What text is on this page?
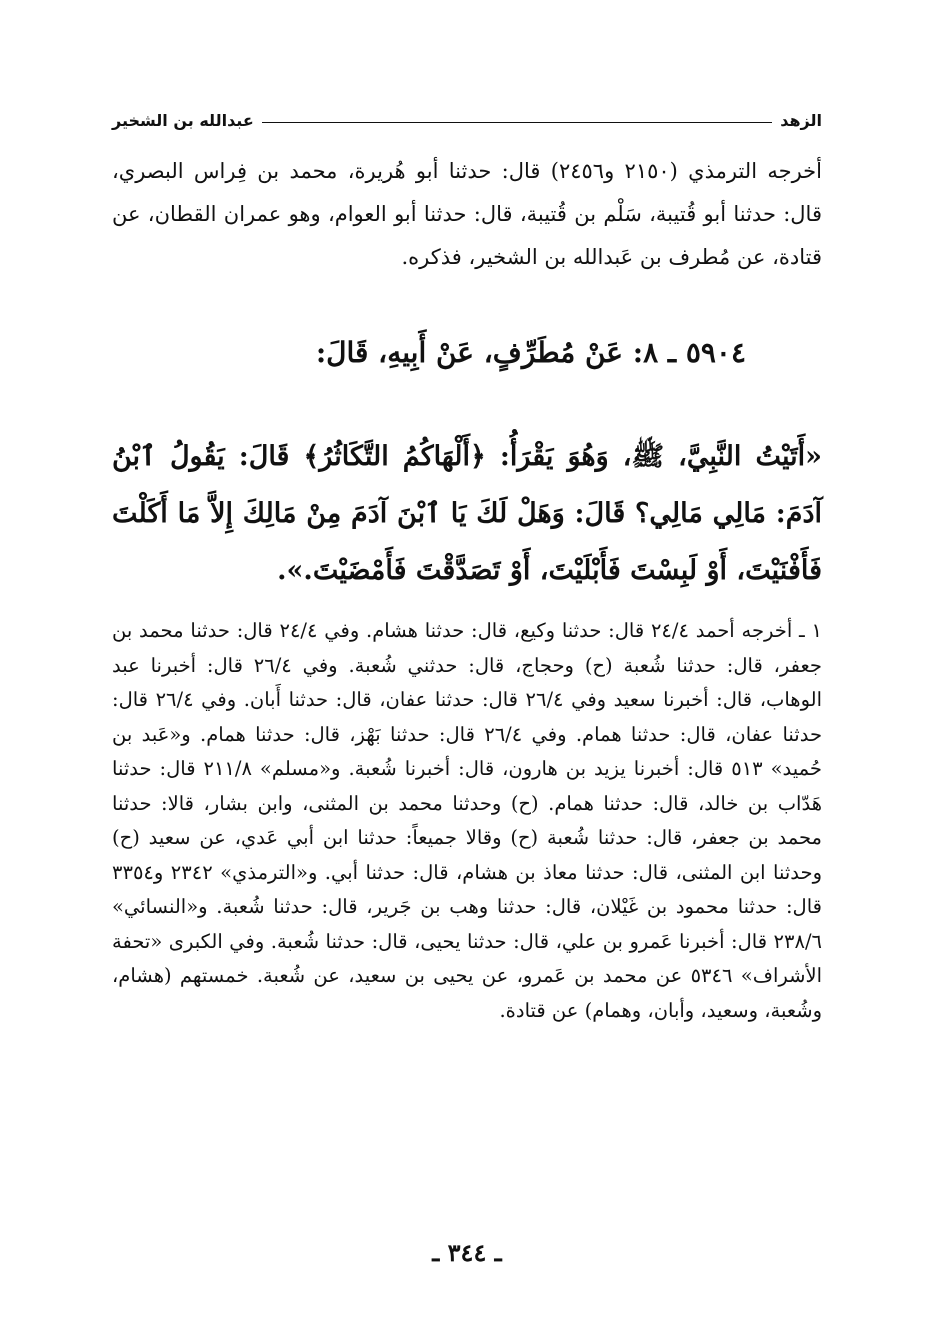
الزهد
عبدالله بن الشخير
أخرجه الترمذي (٢١٥٠ و٢٤٥٦) قال: حدثنا أبو هُريرة، محمد بن فِراس البصري، قال: حدثنا أبو قُتيبة، سَلْم بن قُتيبة، قال: حدثنا أبو العوام، وهو عمران القطان، عن قتادة، عن مُطرف بن عَبدالله بن الشخير، فذكره.
٥٩٠٤ ـ ٨: عَنْ مُطَرِّفٍ، عَنْ أَبِيهِ، قَالَ:
«أَتَيْتُ النَّبِيَّ، ﷺ، وَهُوَ يَقْرَأُ: ﴿أَلْهَاكُمُ التَّكَاثُرُ﴾ قَالَ: يَقُولُ ٱبْنُ آدَمَ: مَالِي مَالِي؟ قَالَ: وَهَلْ لَكَ يَا ٱبْنَ آدَمَ مِنْ مَالِكَ إِلاَّ مَا أَكَلْتَ فَأَفْنَيْتَ، أَوْ لَبِسْتَ فَأَبْلَيْتَ، أَوْ تَصَدَّقْتَ فَأَمْضَيْتَ.».
١ ـ أخرجه أحمد ٢٤/٤ قال: حدثنا وكيع، قال: حدثنا هشام. وفي ٢٤/٤ قال: حدثنا محمد بن جعفر، قال: حدثنا شُعبة (ح) وحجاج، قال: حدثني شُعبة. وفي ٢٦/٤ قال: أخبرنا عبد الوهاب، قال: أخبرنا سعيد وفي ٢٦/٤ قال: حدثنا عفان، قال: حدثنا أَبان. وفي ٢٦/٤ قال: حدثنا عفان، قال: حدثنا همام. وفي ٢٦/٤ قال: حدثنا بَهْز، قال: حدثنا همام. و«عَبد بن حُميد» ٥١٣ قال: أخبرنا يزيد بن هارون، قال: أخبرنا شُعبة. و«مسلم» ٢١١/٨ قال: حدثنا هَدّاب بن خالد، قال: حدثنا همام. (ح) وحدثنا محمد بن المثنى، وابن بشار، قالا: حدثنا محمد بن جعفر، قال: حدثنا شُعبة (ح) وقالا جميعاً: حدثنا ابن أبي عَدي، عن سعيد (ح) وحدثنا ابن المثنى، قال: حدثنا معاذ بن هشام، قال: حدثنا أبي. و«الترمذي» ٢٣٤٢ و٣٣٥٤ قال: حدثنا محمود بن غَيْلان، قال: حدثنا وهب بن جَرير، قال: حدثنا شُعبة. و«النسائي» ٢٣٨/٦ قال: أخبرنا عَمرو بن علي، قال: حدثنا يحيى، قال: حدثنا شُعبة. وفي الكبرى «تحفة الأشراف» ٥٣٤٦ عن محمد بن عَمرو، عن يحيى بن سعيد، عن شُعبة. خمستهم (هشام، وشُعبة، وسعيد، وأبان، وهمام) عن قتادة.
ـ ٣٤٤ ـ
